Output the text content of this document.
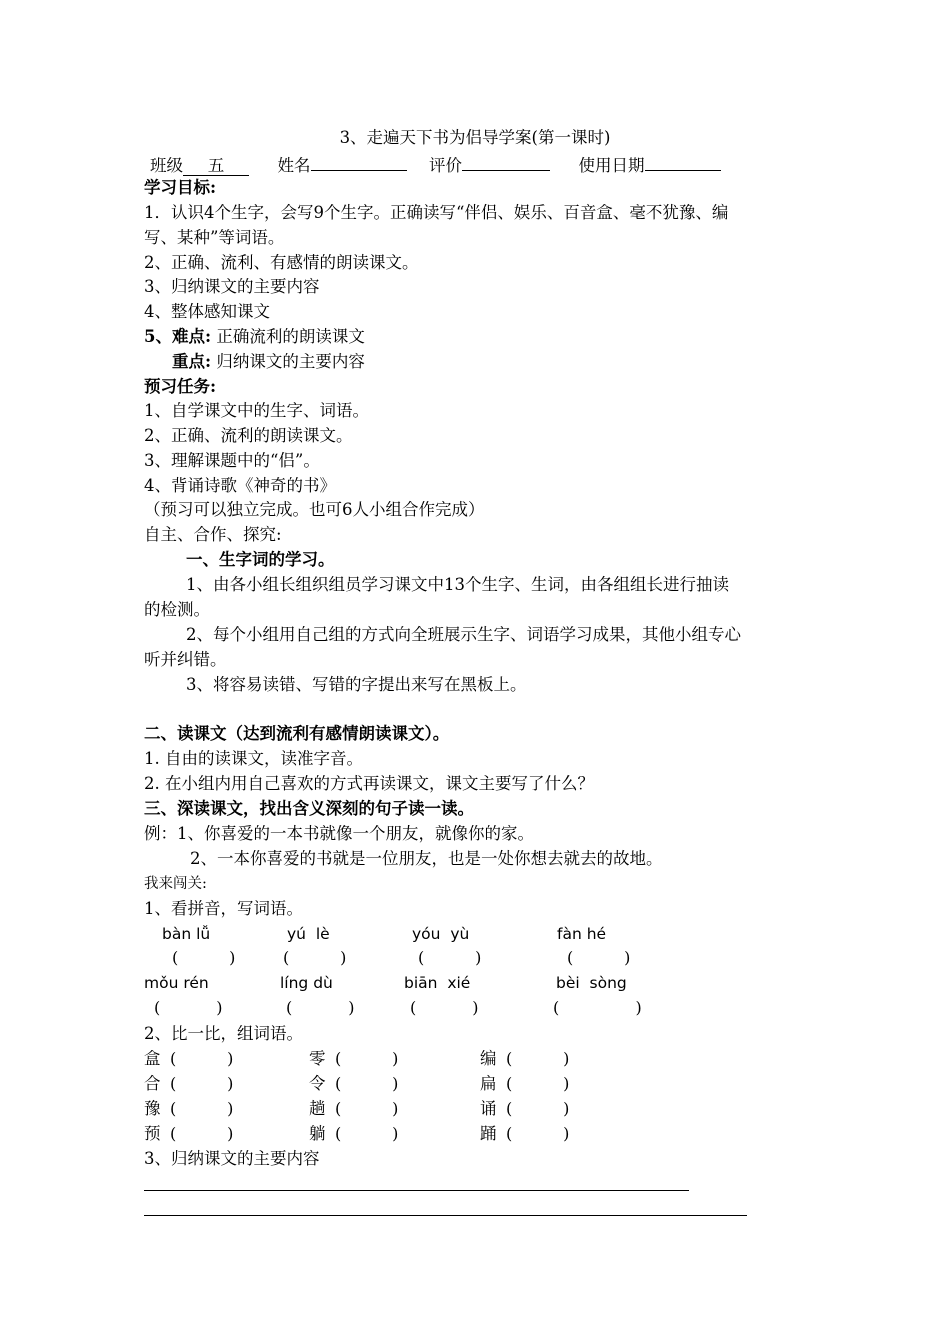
3、走遍天下书为侣导学案(第一课时)
班级 五	姓名	评价	使用日期
学习目标:
1．认识4个生字，会写9个生字。正确读写“伴侣、娱乐、百音盒、毫不犹豫、编
写、某种”等词语。
2、正确、流利、有感情的朗读课文。
3、归纳课文的主要内容
4、整体感知课文
5、难点: 正确流利的朗读课文
重点: 归纳课文的主要内容
预习任务:
1、自学课文中的生字、词语。
2、正确、流利的朗读课文。
3、理解课题中的“侣”。
4、背诵诗歌《神奇的书》
（预习可以独立完成。也可6人小组合作完成）
自主、合作、探究:
一、生字词的学习。
1、由各小组长组织组员学习课文中13个生字、生词，由各组组长进行抽读
的检测。
2、每个小组用自己组的方式向全班展示生字、词语学习成果，其他小组专心
听并纠错。
3、将容易读错、写错的字提出来写在黑板上。
二、读课文（达到流利有感情朗读课文）。
1. 自由的读课文，读准字音。
2. 在小组内用自己喜欢的方式再读课文，课文主要写了什么？
三、深读课文，找出含义深刻的句子读一读。
例：1、你喜爱的一本书就像一个朋友，就像你的家。
2、一本你喜爱的书就是一位朋友，也是一处你想去就去的故地。
我来闯关:
1、看拼音，写词语。
bàn lǚ	yú  lè	yóu  yù	fàn hé
(          )	(          )	(          )	(          )
mǒu rén	líng dù	biān  xié	bèi  sòng
(           )	(           )	(           )	(               )
2、比一比，组词语。
盒 (          )	零 (          )	编 (          )
合 (          )	令 (          )	扁 (          )
豫 (          )	趟 (          )	诵 (          )
预 (          )	躺 (          )	踊 (          )
3、归纳课文的主要内容
